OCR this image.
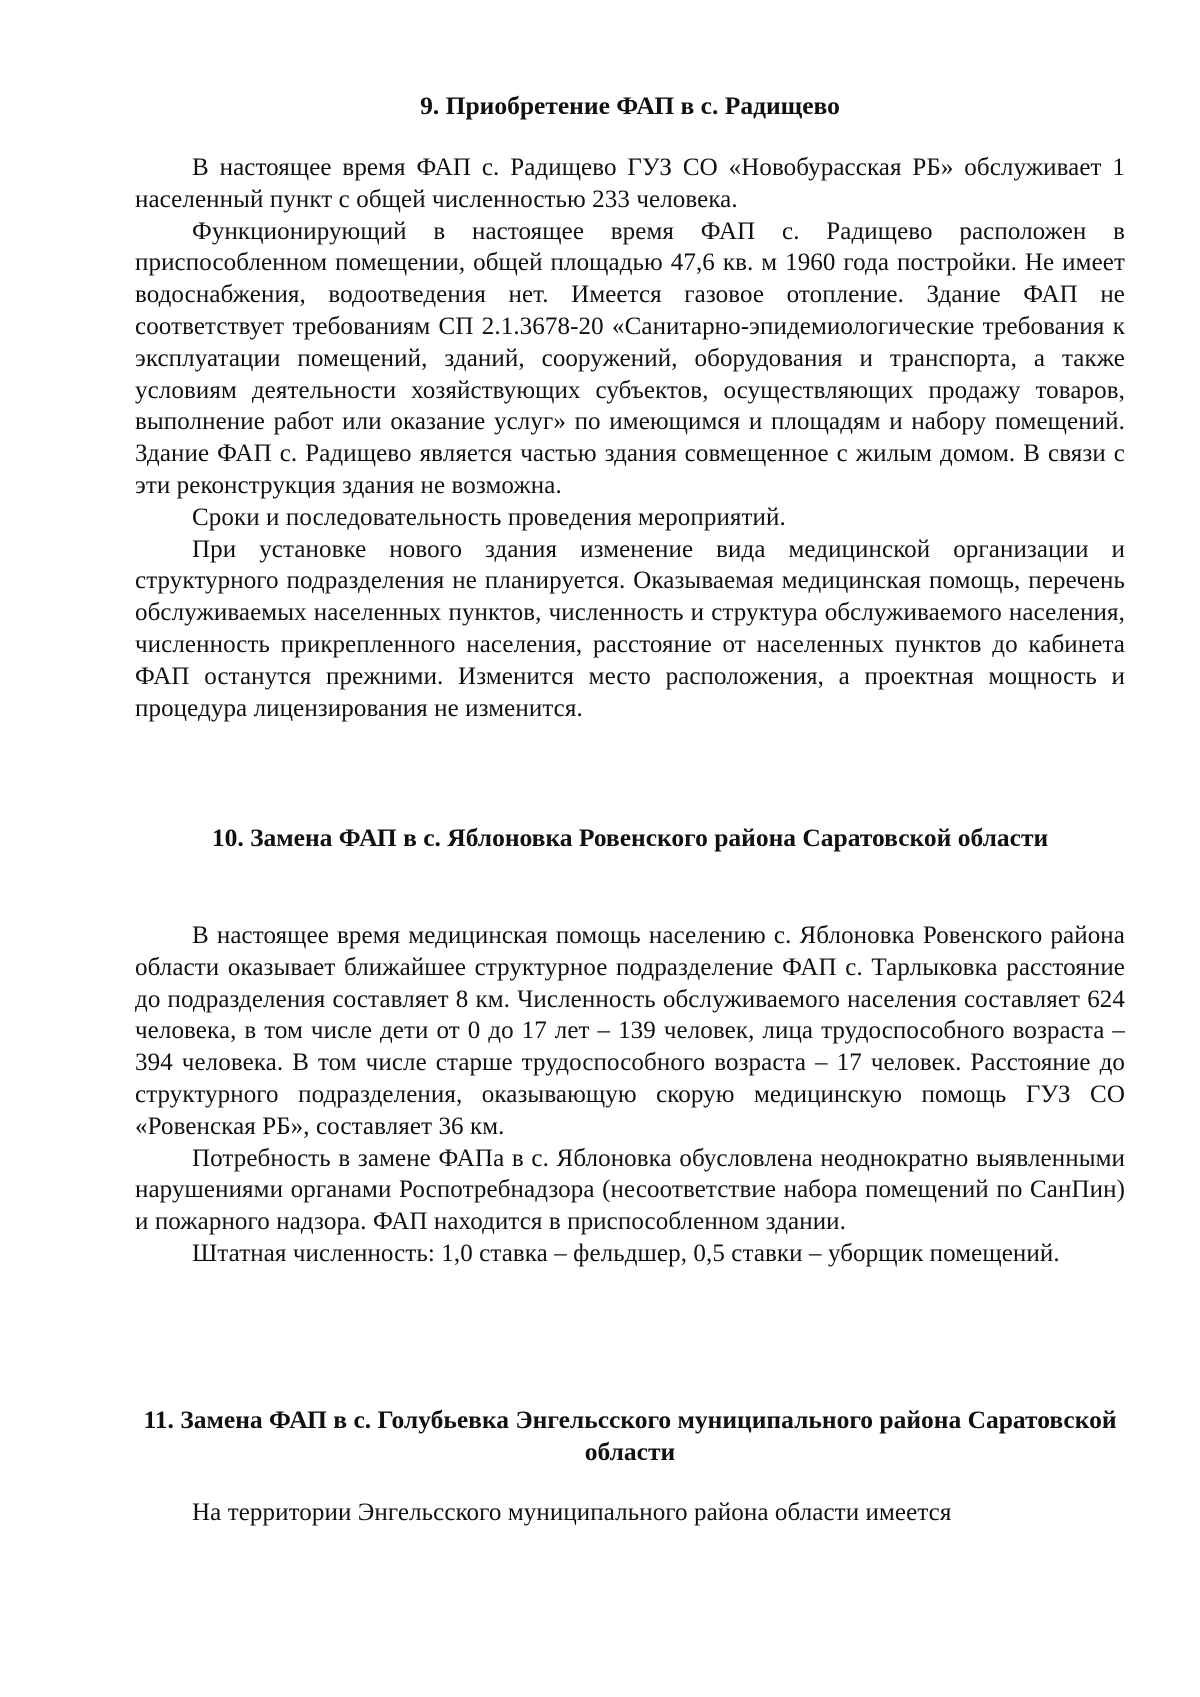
9. Приобретение ФАП в с. Радищево

В настоящее время ФАП с. Радищево ГУЗ СО «Новобурасская РБ» обслуживает 1 населенный пункт с общей численностью 233 человека.

Функционирующий в настоящее время ФАП с. Радищево расположен в приспособленном помещении, общей площадью 47,6 кв. м 1960 года постройки. Не имеет водоснабжения, водоотведения нет. Имеется газовое отопление. Здание ФАП не соответствует требованиям СП 2.1.3678-20 «Санитарно-эпидемиологические требования к эксплуатации помещений, зданий, сооружений, оборудования и транспорта, а также условиям деятельности хозяйствующих субъектов, осуществляющих продажу товаров, выполнение работ или оказание услуг» по имеющимся и площадям и набору помещений. Здание ФАП с. Радищево является частью здания совмещенное с жилым домом. В связи с эти реконструкция здания не возможна.

Сроки и последовательность проведения мероприятий.

При установке нового здания изменение вида медицинской организации и структурного подразделения не планируется. Оказываемая медицинская помощь, перечень обслуживаемых населенных пунктов, численность и структура обслуживаемого населения, численность прикрепленного населения, расстояние от населенных пунктов до кабинета ФАП останутся прежними. Изменится место расположения, а проектная мощность и процедура лицензирования не изменится.

10. Замена ФАП в с. Яблоновка Ровенского района Саратовской области

В настоящее время медицинская помощь населению с. Яблоновка Ровенского района области оказывает ближайшее структурное подразделение ФАП с. Тарлыковка расстояние до подразделения составляет 8 км. Численность обслуживаемого населения составляет 624 человека, в том числе дети от 0 до 17 лет – 139 человек, лица трудоспособного возраста – 394 человека. В том числе старше трудоспособного возраста – 17 человек. Расстояние до структурного подразделения, оказывающую скорую медицинскую помощь ГУЗ СО «Ровенская РБ», составляет 36 км.

Потребность в замене ФАПа в с. Яблоновка обусловлена неоднократно выявленными нарушениями органами Роспотребнадзора (несоответствие набора помещений по СанПин) и пожарного надзора. ФАП находится в приспособленном здании.

Штатная численность: 1,0 ставка – фельдшер, 0,5 ставки – уборщик помещений.

11. Замена ФАП в с. Голубьевка Энгельсского муниципального района Саратовской области

На территории Энгельсского муниципального района области имеется
